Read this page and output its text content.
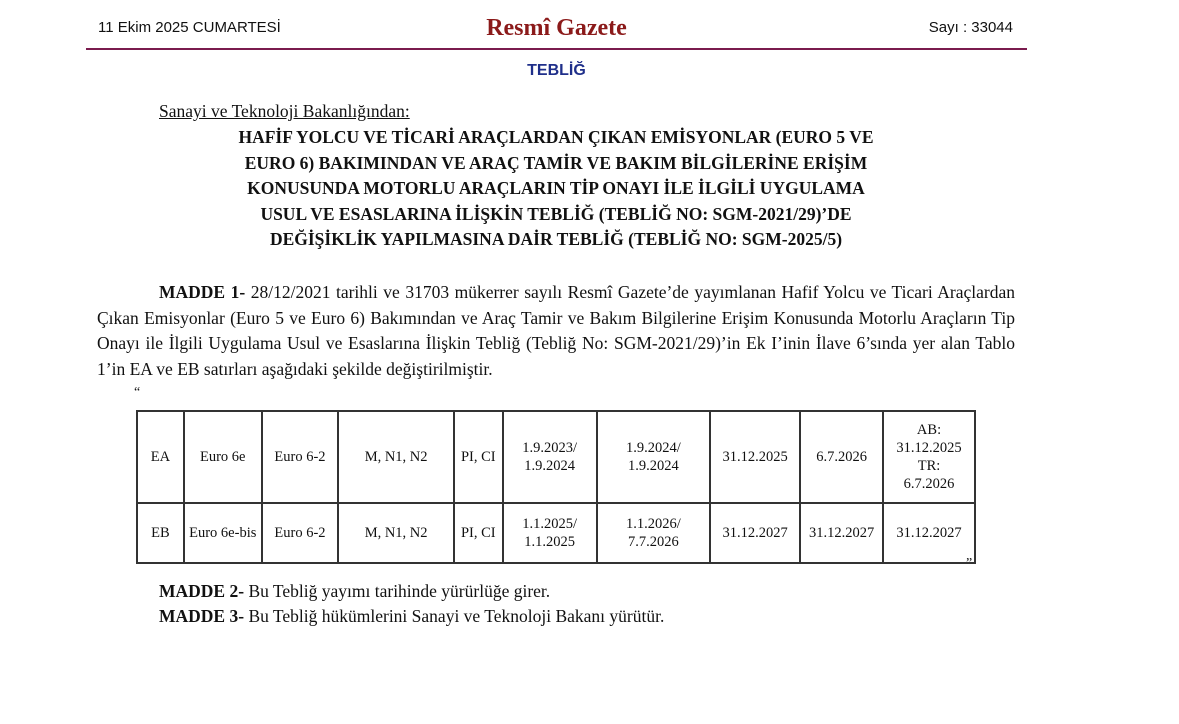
11 Ekim 2025 CUMARTESİ	Resmî Gazete	Sayı : 33044
TEBLİĞ
Sanayi ve Teknoloji Bakanlığından:
HAFİF YOLCU VE TİCARİ ARAÇLARDAN ÇIKAN EMİSYONLAR (EURO 5 VE
EURO 6) BAKIMINDAN VE ARAÇ TAMİR VE BAKIM BİLGİLERİNE ERİŞİM
KONUSUNDA MOTORLU ARAÇLARIN TİP ONAYI İLE İLGİLİ UYGULAMA
USUL VE ESASLARINA İLİŞKİN TEBLİĞ (TEBLİĞ NO: SGM-2021/29)’DE
DEĞİŞİKLİK YAPILMASINA DAİR TEBLİĞ (TEBLİĞ NO: SGM-2025/5)
MADDE 1- 28/12/2021 tarihli ve 31703 mükerrer sayılı Resmî Gazete’de yayımlanan Hafif Yolcu ve Ticari Araçlardan Çıkan Emisyonlar (Euro 5 ve Euro 6) Bakımından ve Araç Tamir ve Bakım Bilgilerine Erişim Konusunda Motorlu Araçların Tip Onayı ile İlgili Uygulama Usul ve Esaslarına İlişkin Tebliğ (Tebliğ No: SGM-2021/29)’in Ek I’inin İlave 6’sında yer alan Tablo 1’in EA ve EB satırları aşağıdaki şekilde değiştirilmiştir.
“
EA	Euro 6e	Euro 6-2	M, N1, N2	PI, CI	1.9.2023/
1.9.2024	1.9.2024/
1.9.2024	31.12.2025	6.7.2026	AB:
31.12.2025
TR:
6.7.2026

EB	Euro 6e-bis	Euro 6-2	M, N1, N2	PI, CI	1.1.2025/
1.1.2025	1.1.2026/
7.7.2026	31.12.2027	31.12.2027	31.12.2027
”
MADDE 2- Bu Tebliğ yayımı tarihinde yürürlüğe girer.
MADDE 3- Bu Tebliğ hükümlerini Sanayi ve Teknoloji Bakanı yürütür.
